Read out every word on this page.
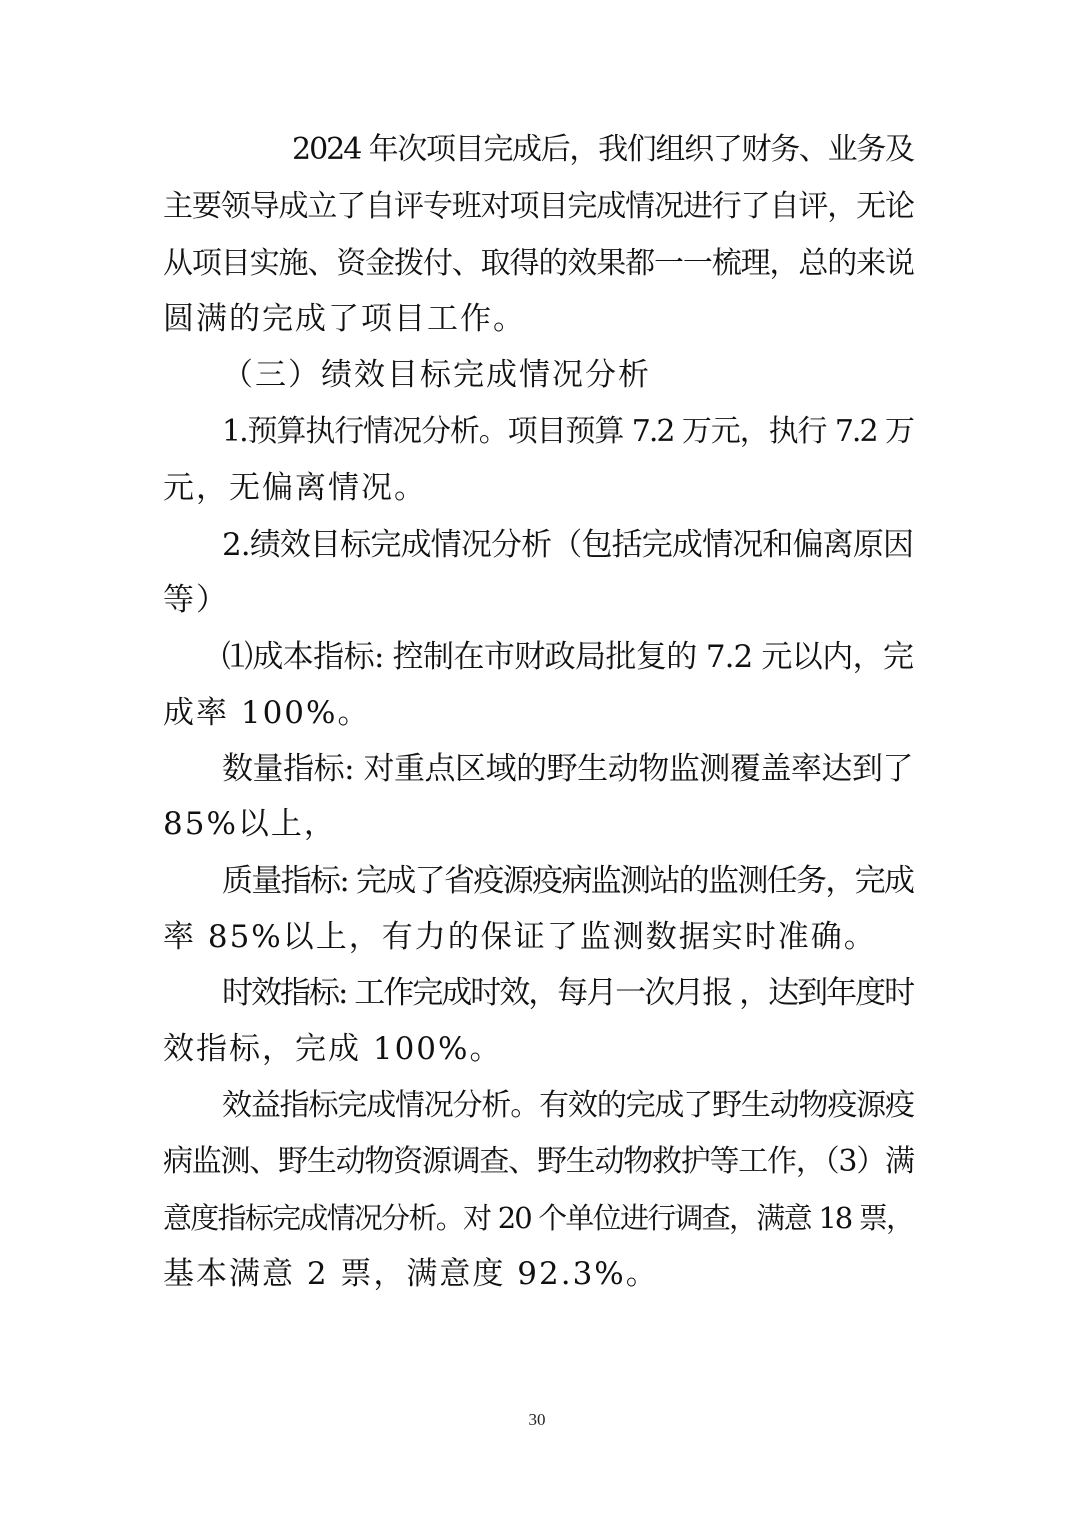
2024 年次项目完成后，我们组织了财务、业务及
主要领导成立了自评专班对项目完成情况进行了自评，无论
从项目实施、资金拨付、取得的效果都一一梳理，总的来说
圆满的完成了项目工作。
（三）绩效目标完成情况分析
1.预算执行情况分析。项目预算 7.2 万元，执行 7.2 万
元，无偏离情况。
2.绩效目标完成情况分析（包括完成情况和偏离原因
等）
⑴成本指标: 控制在市财政局批复的 7.2 元以内，完
成率 100%。
数量指标: 对重点区域的野生动物监测覆盖率达到了
85%以上，
质量指标: 完成了省疫源疫病监测站的监测任务，完成
率 85%以上，有力的保证了监测数据实时准确。
时效指标: 工作完成时效，每月一次月报 ，达到年度时
效指标，完成 100%。
效益指标完成情况分析。有效的完成了野生动物疫源疫
病监测、野生动物资源调查、野生动物救护等工作，（3）满
意度指标完成情况分析。对 20 个单位进行调查，满意 18 票，
基本满意 2 票，满意度 92.3%。
30
